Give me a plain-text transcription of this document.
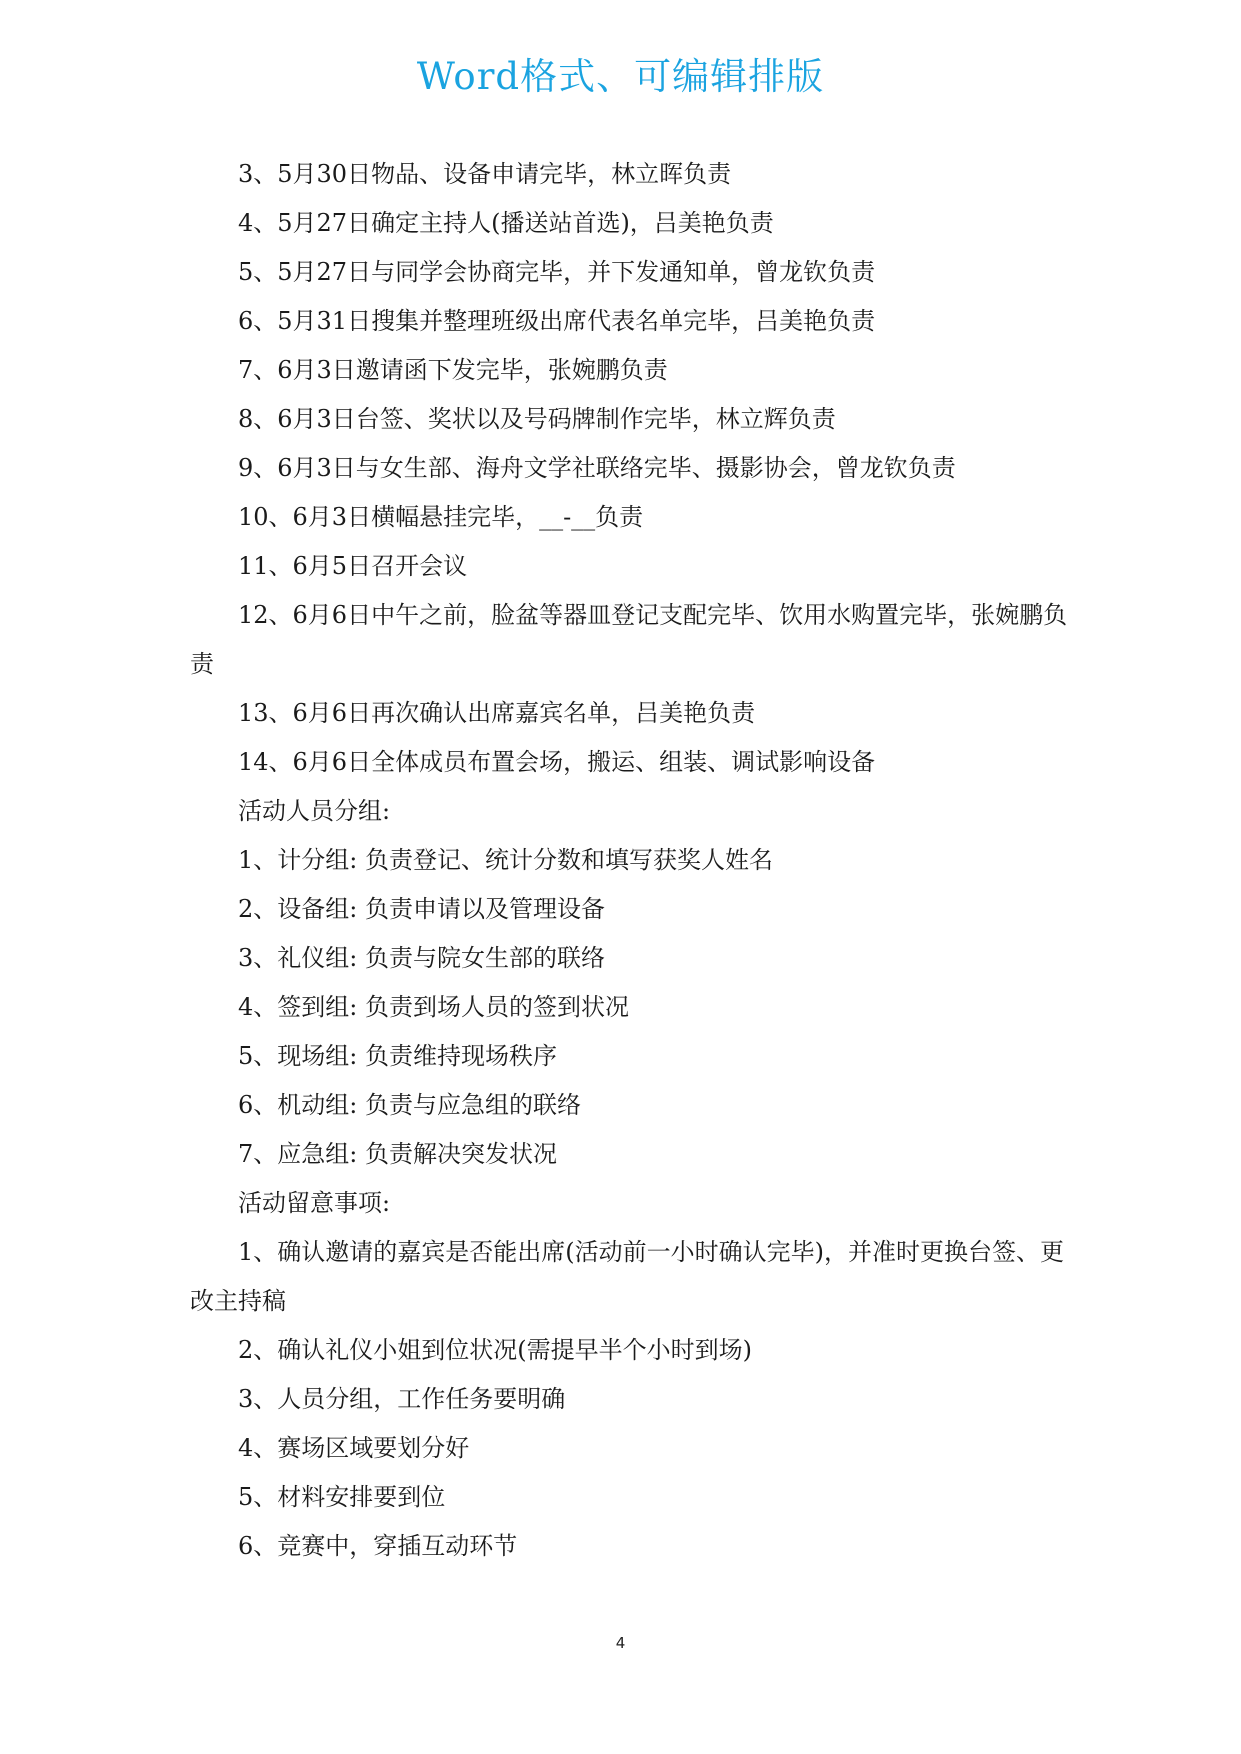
Word格式、可编辑排版

3、5月30日物品、设备申请完毕，林立晖负责

4、5月27日确定主持人(播送站首选)，吕美艳负责

5、5月27日与同学会协商完毕，并下发通知单，曾龙钦负责

6、5月31日搜集并整理班级出席代表名单完毕，吕美艳负责

7、6月3日邀请函下发完毕，张婉鹏负责

8、6月3日台签、奖状以及号码牌制作完毕，林立辉负责

9、6月3日与女生部、海舟文学社联络完毕、摄影协会，曾龙钦负责

10、6月3日横幅悬挂完毕，__-__负责

11、6月5日召开会议

12、6月6日中午之前，脸盆等器皿登记支配完毕、饮用水购置完毕，张婉鹏负责

13、6月6日再次确认出席嘉宾名单，吕美艳负责

14、6月6日全体成员布置会场，搬运、组装、调试影响设备

活动人员分组:

1、计分组: 负责登记、统计分数和填写获奖人姓名

2、设备组: 负责申请以及管理设备

3、礼仪组: 负责与院女生部的联络

4、签到组: 负责到场人员的签到状况

5、现场组: 负责维持现场秩序

6、机动组: 负责与应急组的联络

7、应急组: 负责解决突发状况

活动留意事项:

1、确认邀请的嘉宾是否能出席(活动前一小时确认完毕)，并准时更换台签、更改主持稿

2、确认礼仪小姐到位状况(需提早半个小时到场)

3、人员分组，工作任务要明确

4、赛场区域要划分好

5、材料安排要到位

6、竞赛中，穿插互动环节

4
